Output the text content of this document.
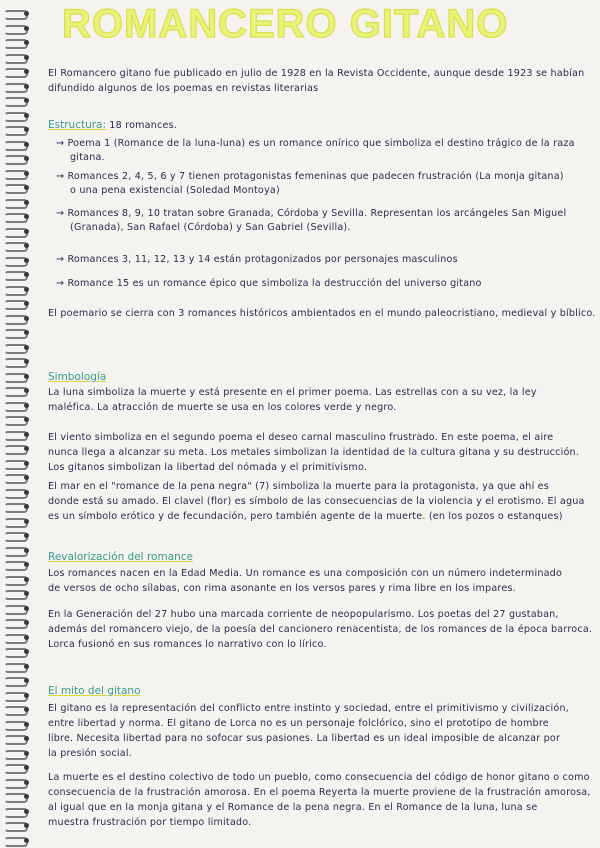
ROMANCERO GITANO
El Romancero gitano fue publicado en julio de 1928 en la Revista Occidente, aunque desde 1923 se habían
difundido algunos de los poemas en revistas literarias
Estructura: 18 romances.
→ Poema 1 (Romance de la luna-luna) es un romance onírico que simboliza el destino trágico de la raza
gitana.
→ Romances 2, 4, 5, 6 y 7 tienen protagonistas femeninas que padecen frustración (La monja gitana)
o una pena existencial (Soledad Montoya)
→ Romances 8, 9, 10 tratan sobre Granada, Córdoba y Sevilla. Representan los arcángeles San Miguel
(Granada), San Rafael (Córdoba) y San Gabriel (Sevilla).
→ Romances 3, 11, 12, 13 y 14 están protagonizados por personajes masculinos
→ Romance 15 es un romance épico que simboliza la destrucción del universo gitano
El poemario se cierra con 3 romances históricos ambientados en el mundo paleocristiano, medieval y bíblico.
Simbología
La luna simboliza la muerte y está presente en el primer poema. Las estrellas con a su vez, la ley
maléfica. La atracción de muerte se usa en los colores verde y negro.
El viento simboliza en el segundo poema el deseo carnal masculino frustrado. En este poema, el aire
nunca llega a alcanzar su meta. Los metales simbolizan la identidad de la cultura gitana y su destrucción.
Los gitanos simbolizan la libertad del nómada y el primitivismo.
El mar en el "romance de la pena negra" (7) simboliza la muerte para la protagonista, ya que ahí es
donde está su amado. El clavel (flor) es símbolo de las consecuencias de la violencia y el erotismo. El agua
es un símbolo erótico y de fecundación, pero también agente de la muerte. (en los pozos o estanques)
Revalorización del romance
Los romances nacen en la Edad Media. Un romance es una composición con un número indeterminado
de versos de ocho sílabas, con rima asonante en los versos pares y rima libre en los impares.
En la Generación del 27 hubo una marcada corriente de neopopularismo. Los poetas del 27 gustaban,
además del romancero viejo, de la poesía del cancionero renacentista, de los romances de la época barroca.
Lorca fusionó en sus romances lo narrativo con lo lírico.
El mito del gitano
El gitano es la representación del conflicto entre instinto y sociedad, entre el primitivismo y civilización,
entre libertad y norma. El gitano de Lorca no es un personaje folclórico, sino el prototipo de hombre
libre. Necesita libertad para no sofocar sus pasiones. La libertad es un ideal imposible de alcanzar por
la presión social.
La muerte es el destino colectivo de todo un pueblo, como consecuencia del código de honor gitano o como
consecuencia de la frustración amorosa. En el poema Reyerta la muerte proviene de la frustración amorosa,
al igual que en la monja gitana y el Romance de la pena negra. En el Romance de la luna, luna se
muestra frustración por tiempo limitado.
